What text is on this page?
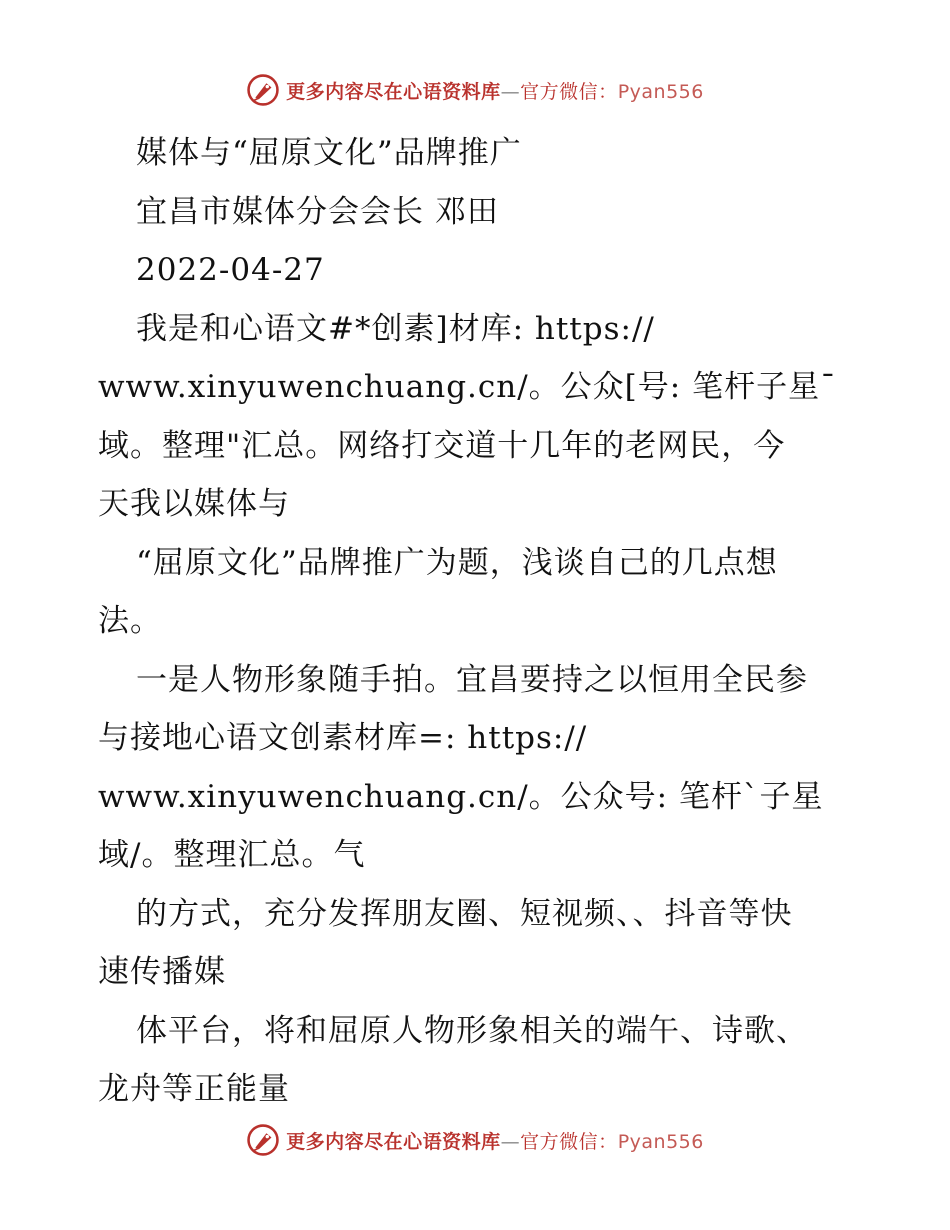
更多内容尽在心语资料库—官方微信：Pyan556
媒体与“屈原文化”品牌推广
宜昌市媒体分会会长 邓田
2022-04-27
我是和心语文#*创素]材库: https://
www.xinyuwenchuang.cn/。公众[号: 笔杆子星¯
域。整理"汇总。网络打交道十几年的老网民，今
天我以媒体与
“屈原文化”品牌推广为题，浅谈自己的几点想
法。
一是人物形象随手拍。宜昌要持之以恒用全民参
与接地心语文创素材库=: https://
www.xinyuwenchuang.cn/。公众号: 笔杆`子星
域/。整理汇总。气
的方式，充分发挥朋友圈、短视频、、抖音等快
速传播媒
体平台，将和屈原人物形象相关的端午、诗歌、
龙舟等正能量
更多内容尽在心语资料库—官方微信：Pyan556
